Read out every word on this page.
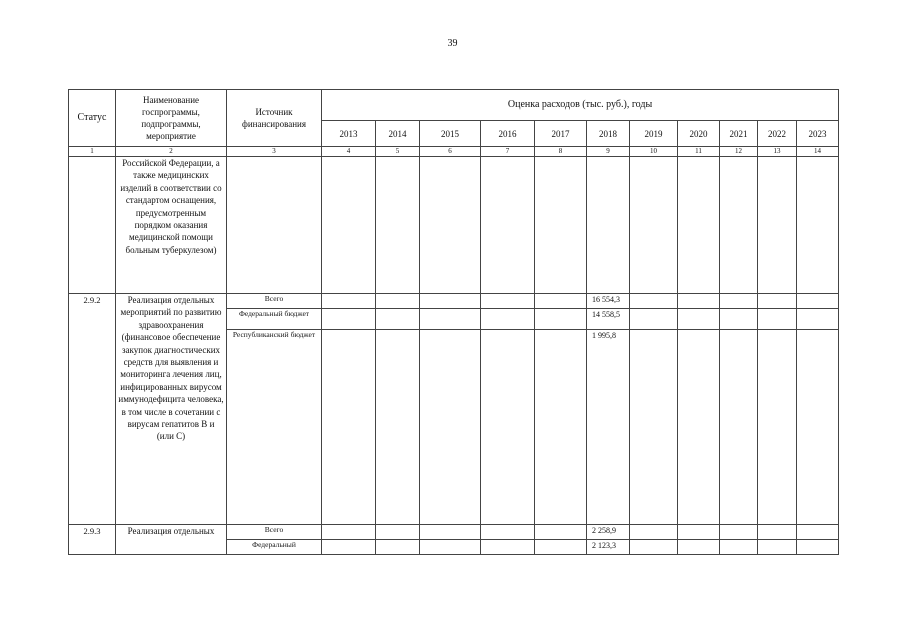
39
Статус	Наименование госпрограммы, подпрограммы, мероприятие	Источник финансирования	Оценка расходов (тыс. руб.), годы										
			2013	2014	2015	2016	2017	2018	2019	2020	2021	2022	2023
1	2	3	4	5	6	7	8	9	10	11	12	13	14
	Российской Федерации, а также медицинских изделий в соответствии со стандартом оснащения, предусмотренным порядком оказания медицинской помощи больным туберкулезом)												
2.9.2	Реализация отдельных мероприятий по развитию здравоохранения (финансовое обеспечение закупок диагностических средств для выявления и мониторинга лечения лиц, инфицированных вирусом иммунодефицита человека, в том числе в сочетании с вирусам гепатитов В и (или С)	Всего						16 554,3					
		Федеральный бюджет						14 558,5					
		Республиканский бюджет						1 995,8					
2.9.3	Реализация отдельных	Всего						2 258,9					
		Федеральный						2 123,3					
